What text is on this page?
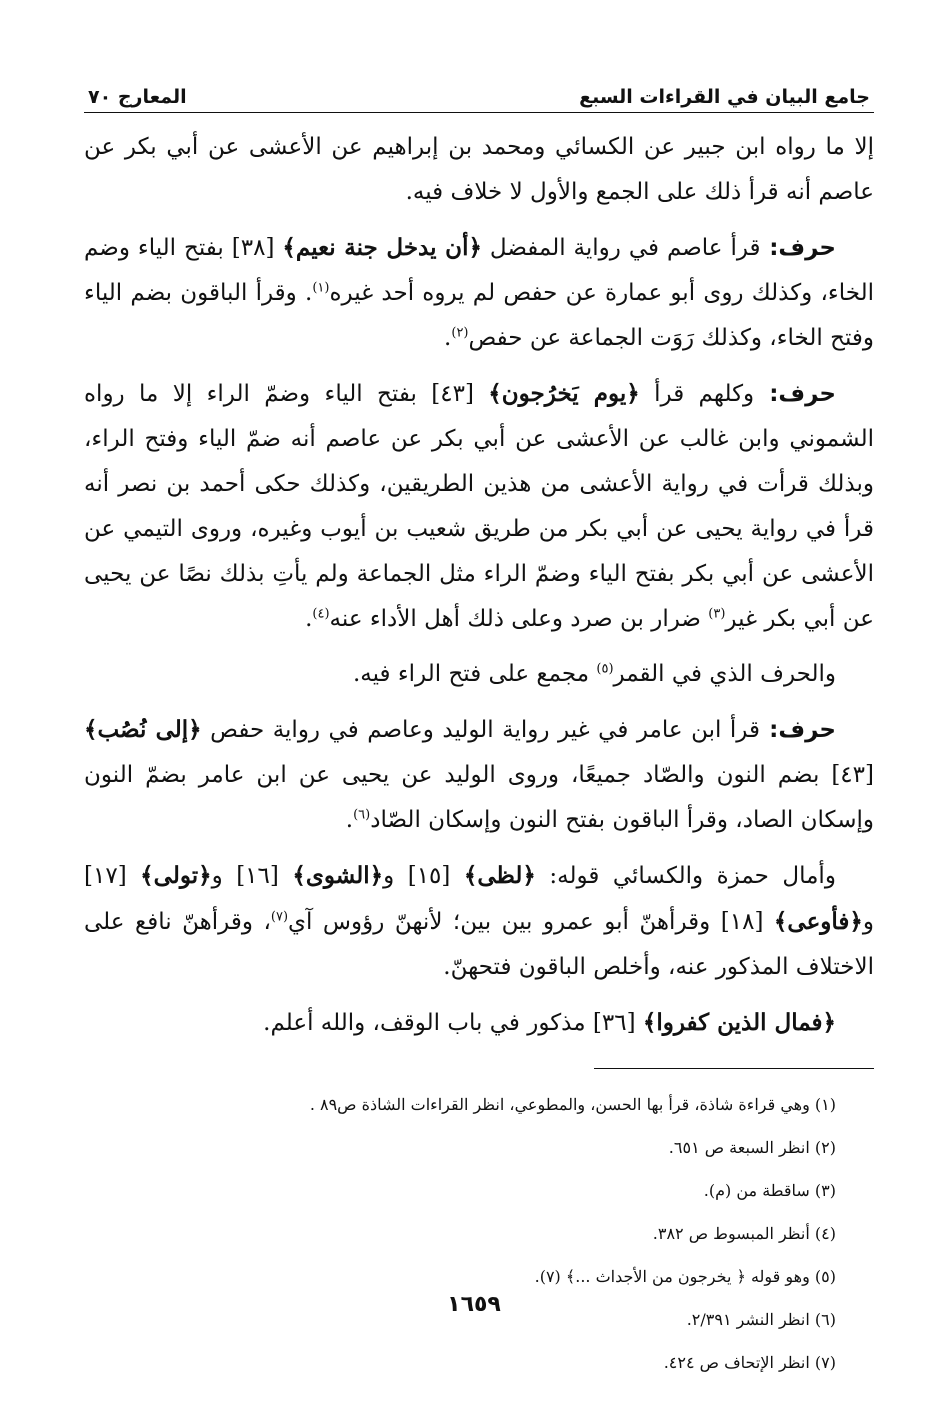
جامع البيان في القراءات السبع
المعارج ٧٠

إلا ما رواه ابن جبير عن الكسائي ومحمد بن إبراهيم عن الأعشى عن أبي بكر عن عاصم أنه قرأ ذلك على الجمع والأول لا خلاف فيه.

حرف: قرأ عاصم في رواية المفضل ﴿أن يدخل جنة نعيم﴾ [٣٨] بفتح الياء وضم الخاء، وكذلك روى أبو عمارة عن حفص لم يروه أحد غيره$^{(١)}$. وقرأ الباقون بضم الياء وفتح الخاء، وكذلك رَوَت الجماعة عن حفص$^{(٢)}$.

حرف: وكلهم قرأ ﴿يوم يَخرُجون﴾ [٤٣] بفتح الياء وضمّ الراء إلا ما رواه الشموني وابن غالب عن الأعشى عن أبي بكر عن عاصم أنه ضمّ الياء وفتح الراء، وبذلك قرأت في رواية الأعشى من هذين الطريقين، وكذلك حكى أحمد بن نصر أنه قرأ في رواية يحيى عن أبي بكر من طريق شعيب بن أيوب وغيره، وروى التيمي عن الأعشى عن أبي بكر بفتح الياء وضمّ الراء مثل الجماعة ولم يأتِ بذلك نصًا عن يحيى عن أبي بكر غير$^{(٣)}$ ضرار بن صرد وعلى ذلك أهل الأداء عنه$^{(٤)}$.

والحرف الذي في القمر$^{(٥)}$ مجمع على فتح الراء فيه.

حرف: قرأ ابن عامر في غير رواية الوليد وعاصم في رواية حفص ﴿إلى نُصُب﴾ [٤٣] بضم النون والصّاد جميعًا، وروى الوليد عن يحيى عن ابن عامر بضمّ النون وإسكان الصاد، وقرأ الباقون بفتح النون وإسكان الصّاد$^{(٦)}$.

وأمال حمزة والكسائي قوله: ﴿لظى﴾ [١٥] و﴿الشوى﴾ [١٦] و﴿تولى﴾ [١٧] و﴿فأوعى﴾ [١٨] وقرأهنّ أبو عمرو بين بين؛ لأنهنّ رؤوس آي$^{(٧)}$، وقرأهنّ نافع على الاختلاف المذكور عنه، وأخلص الباقون فتحهنّ.

﴿فمال الذين كفروا﴾ [٣٦] مذكور في باب الوقف، والله أعلم.

(١) وهي قراءة شاذة، قرأ بها الحسن، والمطوعي، انظر القراءات الشاذة ص٨٩ .

(٢) انظر السبعة ص ٦٥١.

(٣) ساقطة من (م).

(٤) أنظر المبسوط ص ٣٨٢.

(٥) وهو قوله ﴿ يخرجون من الأجداث ...﴾ (٧).

(٦) انظر النشر ٢/٣٩١.

(٧) انظر الإتحاف ص ٤٢٤.

١٦٥٩
